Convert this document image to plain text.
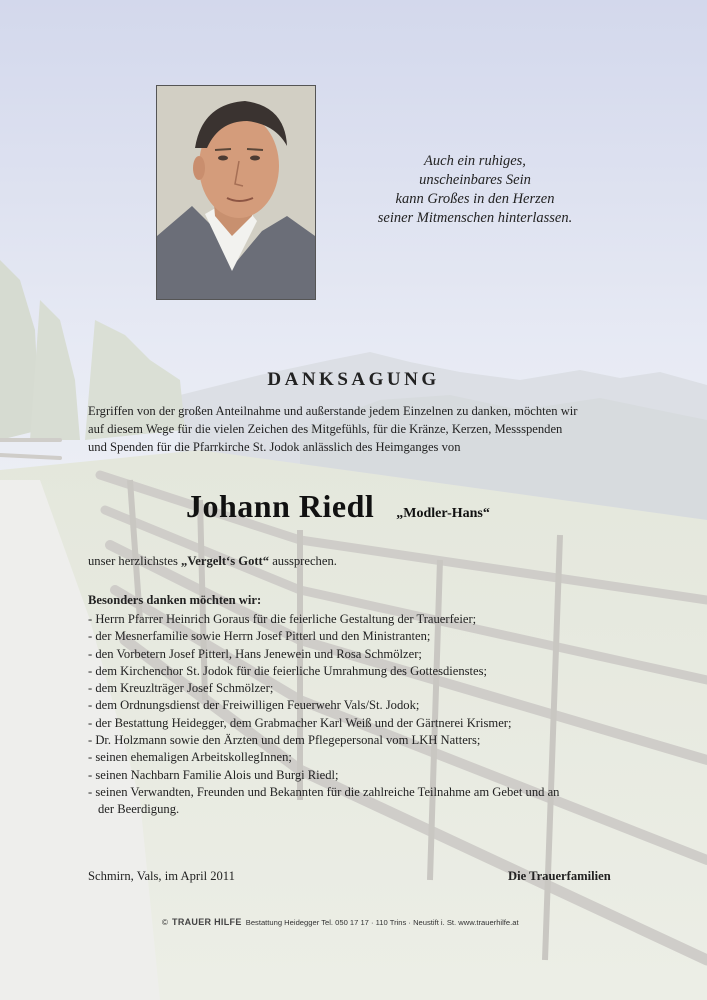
Auch ein ruhiges,
unscheinbares Sein
kann Großes in den Herzen
seiner Mitmenschen hinterlassen.
DANKSAGUNG
Ergriffen von der großen Anteilnahme und außerstande jedem Einzelnen zu danken, möchten wir
auf diesem Wege für die vielen Zeichen des Mitgefühls, für die Kränze, Kerzen, Messspenden
und Spenden für die Pfarrkirche St. Jodok anlässlich des Heimganges von
Johann Riedl „Modler-Hans“
unser herzlichstes „Vergelt‘s Gott“ aussprechen.
Besonders danken möchten wir:
- Herrn Pfarrer Heinrich Goraus für die feierliche Gestaltung der Trauerfeier;
- der Mesnerfamilie sowie Herrn Josef Pitterl und den Ministranten;
- den Vorbetern Josef Pitterl, Hans Jenewein und Rosa Schmölzer;
- dem Kirchenchor St. Jodok für die feierliche Umrahmung des Gottesdienstes;
- dem Kreuzlträger Josef Schmölzer;
- dem Ordnungsdienst der Freiwilligen Feuerwehr Vals/St. Jodok;
- der Bestattung Heidegger, dem Grabmacher Karl Weiß und der Gärtnerei Krismer;
- Dr. Holzmann sowie den Ärzten und dem Pflegepersonal vom LKH Natters;
- seinen ehemaligen ArbeitskollegInnen;
- seinen Nachbarn Familie Alois und Burgi Riedl;
- seinen Verwandten, Freunden und Bekannten für die zahlreiche Teilnahme am Gebet und an
der Beerdigung.
Schmirn, Vals, im April 2011	Die Trauerfamilien
© TRAUER HILFE Bestattung Heidegger Tel. 050 17 17 · 110 Trins · Neustift i. St. www.trauerhilfe.at
